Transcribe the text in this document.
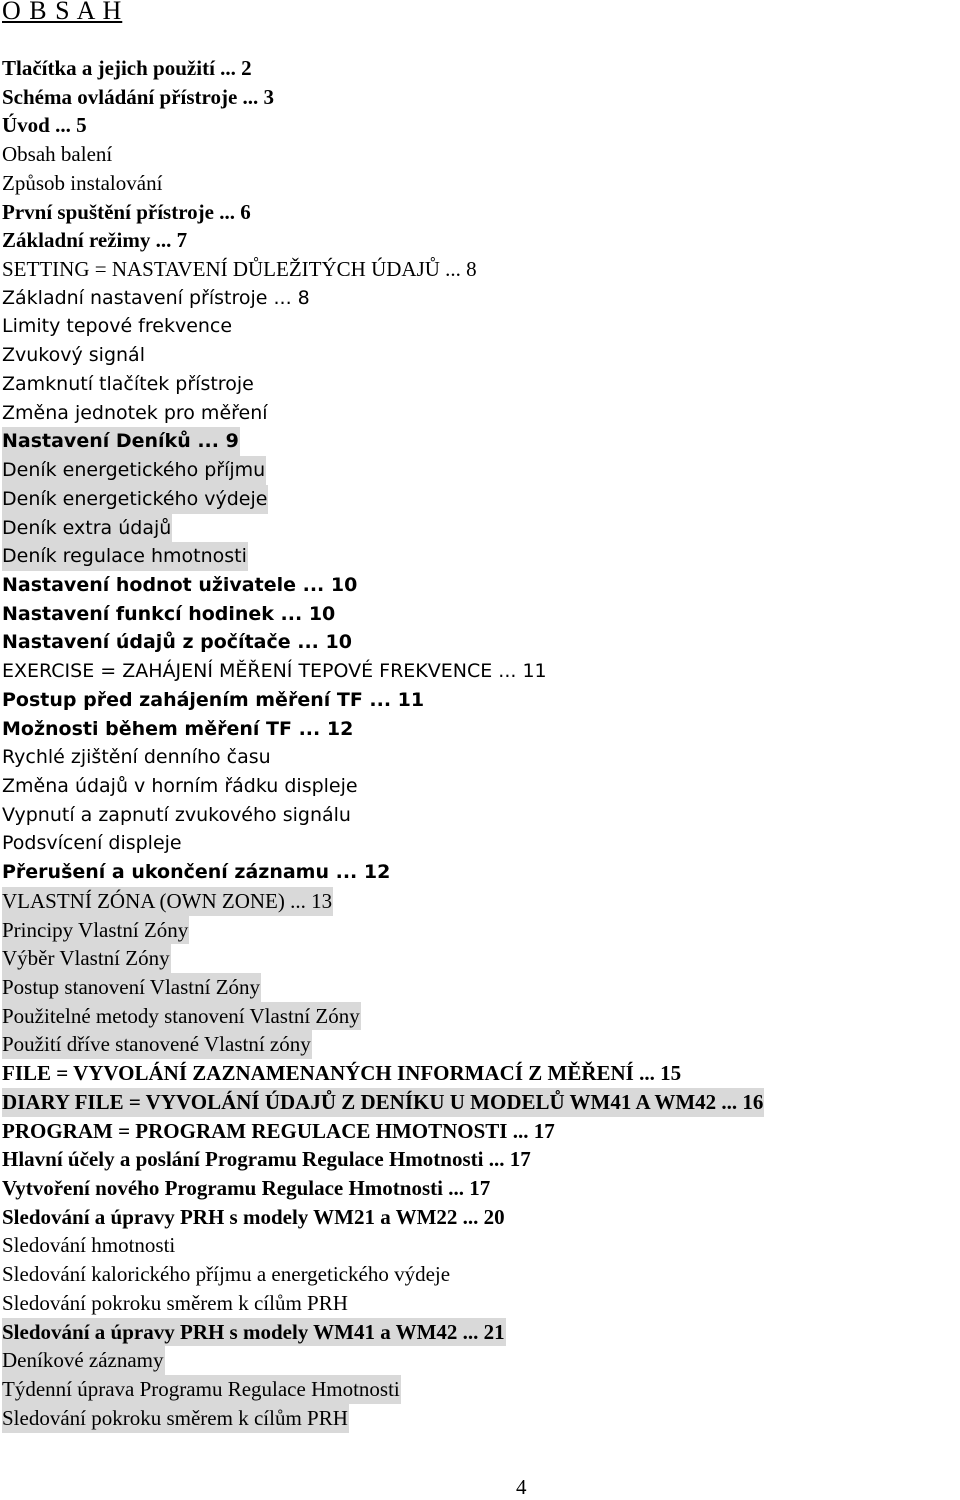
O B S A H
Tlačítka a jejich použití ... 2
Schéma ovládání přístroje ... 3
Úvod ... 5
Obsah balení
Způsob instalování
První spuštění přístroje ... 6
Základní režimy ... 7
SETTING = NASTAVENÍ DŮLEŽITÝCH ÚDAJŮ ... 8
Základní nastavení přístroje ... 8
Limity tepové frekvence
Zvukový signál
Zamknutí tlačítek přístroje
Změna jednotek pro měření
Nastavení Deníků ... 9
Deník energetického příjmu
Deník energetického výdeje
Deník extra údajů
Deník regulace hmotnosti
Nastavení hodnot uživatele ... 10
Nastavení funkcí hodinek ... 10
Nastavení údajů z počítače ... 10
EXERCISE = ZAHÁJENÍ MĚŘENÍ TEPOVÉ FREKVENCE ... 11
Postup před zahájením měření TF ... 11
Možnosti během měření TF ... 12
Rychlé zjištění denního času
Změna údajů v horním řádku displeje
Vypnutí a zapnutí zvukového signálu
Podsvícení displeje
Přerušení a ukončení záznamu ... 12
VLASTNÍ ZÓNA (OWN ZONE) ... 13
Principy Vlastní Zóny
Výběr Vlastní Zóny
Postup stanovení Vlastní Zóny
Použitelné metody stanovení Vlastní Zóny
Použití dříve stanovené Vlastní zóny
FILE = VYVOLÁNÍ ZAZNAMENANÝCH INFORMACÍ Z MĚŘENÍ ... 15
DIARY FILE = VYVOLÁNÍ ÚDAJŮ Z DENÍKU U MODELŮ WM41 A WM42 ... 16
PROGRAM = PROGRAM REGULACE HMOTNOSTI ... 17
Hlavní účely a poslání Programu Regulace Hmotnosti ... 17
Vytvoření nového Programu Regulace Hmotnosti ... 17
Sledování a úpravy PRH s modely WM21 a WM22 ... 20
Sledování hmotnosti
Sledování kalorického příjmu a energetického výdeje
Sledování pokroku směrem k cílům PRH
Sledování a úpravy PRH s modely WM41 a WM42 ... 21
Deníkové záznamy
Týdenní úprava Programu Regulace Hmotnosti
Sledování pokroku směrem k cílům PRH
4
